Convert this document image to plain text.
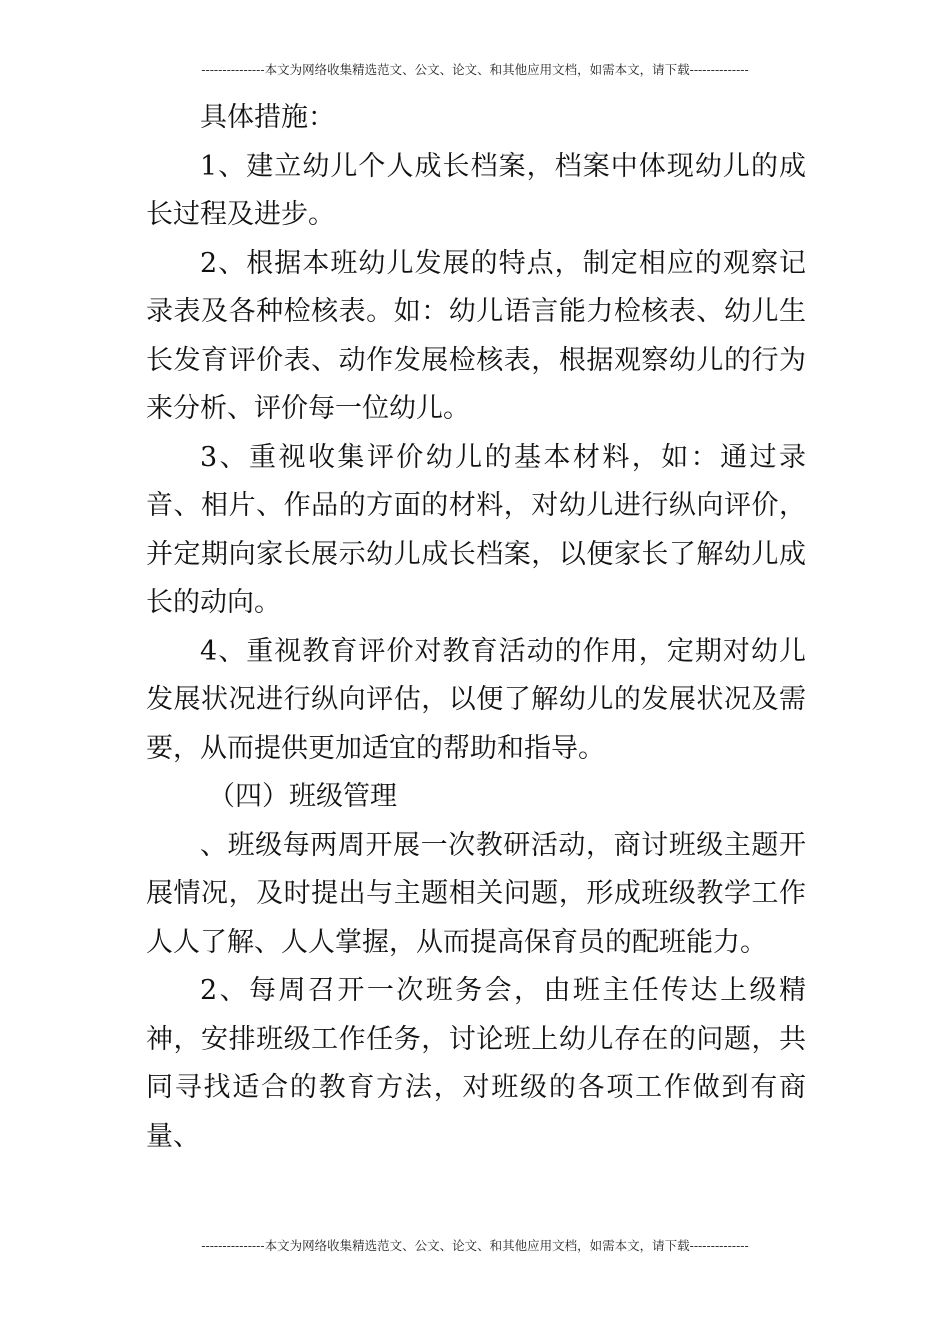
---------------本文为网络收集精选范文、公文、论文、和其他应用文档，如需本文，请下载--------------

具体措施：

1、建立幼儿个人成长档案，档案中体现幼儿的成长过程及进步。

2、根据本班幼儿发展的特点，制定相应的观察记录表及各种检核表。如：幼儿语言能力检核表、幼儿生长发育评价表、动作发展检核表，根据观察幼儿的行为来分析、评价每一位幼儿。

3、重视收集评价幼儿的基本材料，如：通过录音、相片、作品的方面的材料，对幼儿进行纵向评价，并定期向家长展示幼儿成长档案，以便家长了解幼儿成长的动向。

4、重视教育评价对教育活动的作用，定期对幼儿发展状况进行纵向评估，以便了解幼儿的发展状况及需要，从而提供更加适宜的帮助和指导。

（四）班级管理

、班级每两周开展一次教研活动，商讨班级主题开展情况，及时提出与主题相关问题，形成班级教学工作人人了解、人人掌握，从而提高保育员的配班能力。

2、每周召开一次班务会，由班主任传达上级精神，安排班级工作任务，讨论班上幼儿存在的问题，共同寻找适合的教育方法，对班级的各项工作做到有商量、

---------------本文为网络收集精选范文、公文、论文、和其他应用文档，如需本文，请下载--------------
